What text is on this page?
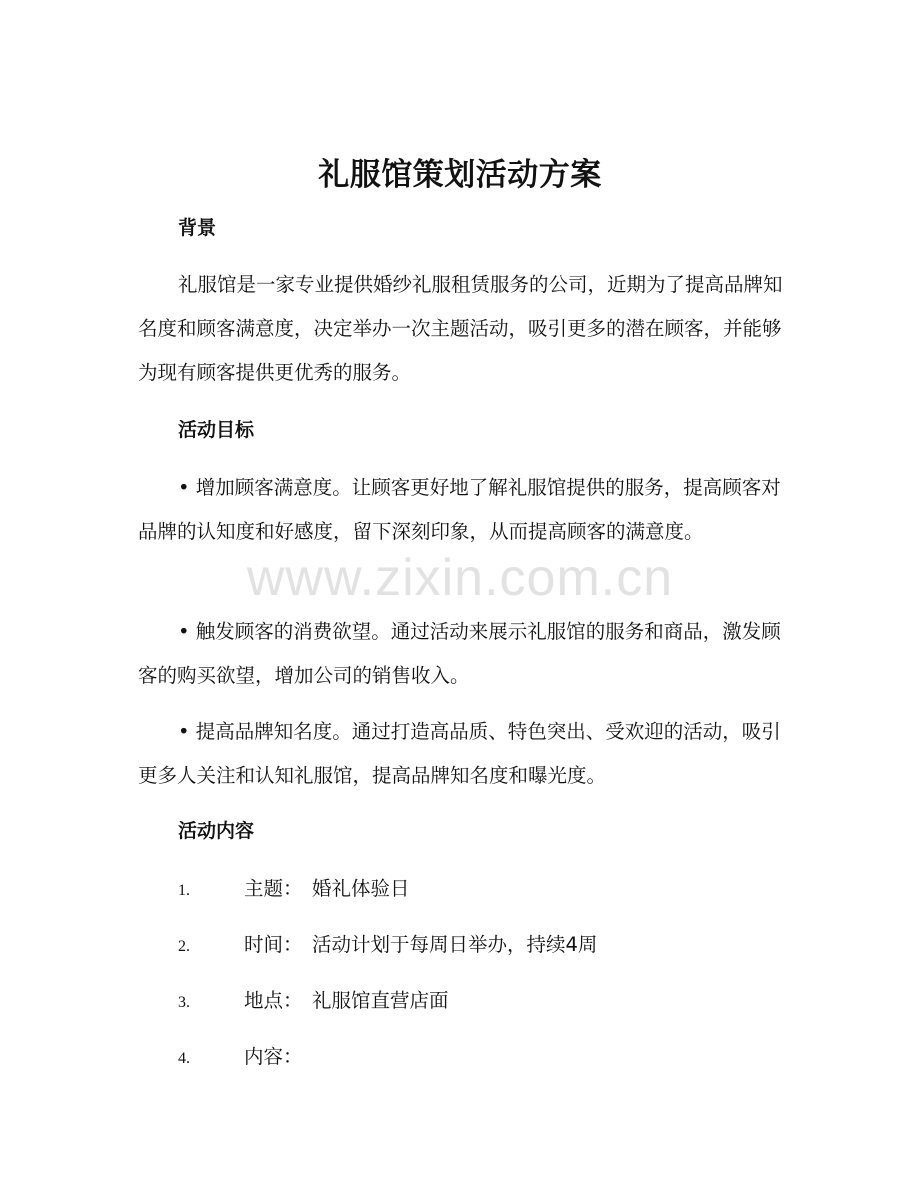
礼服馆策划活动方案
背景

礼服馆是一家专业提供婚纱礼服租赁服务的公司，近期为了提高品牌知名度和顾客满意度，决定举办一次主题活动，吸引更多的潜在顾客，并能够为现有顾客提供更优秀的服务。

活动目标

• 增加顾客满意度。让顾客更好地了解礼服馆提供的服务，提高顾客对品牌的认知度和好感度，留下深刻印象，从而提高顾客的满意度。

• 触发顾客的消费欲望。通过活动来展示礼服馆的服务和商品，激发顾客的购买欲望，增加公司的销售收入。

• 提高品牌知名度。通过打造高品质、特色突出、受欢迎的活动，吸引更多人关注和认知礼服馆，提高品牌知名度和曝光度。

活动内容
1.	主题： 婚礼体验日
2.	时间： 活动计划于每周日举办，持续4周
3.	地点： 礼服馆直营店面
4.	内容：
www.zixin.com.cn
